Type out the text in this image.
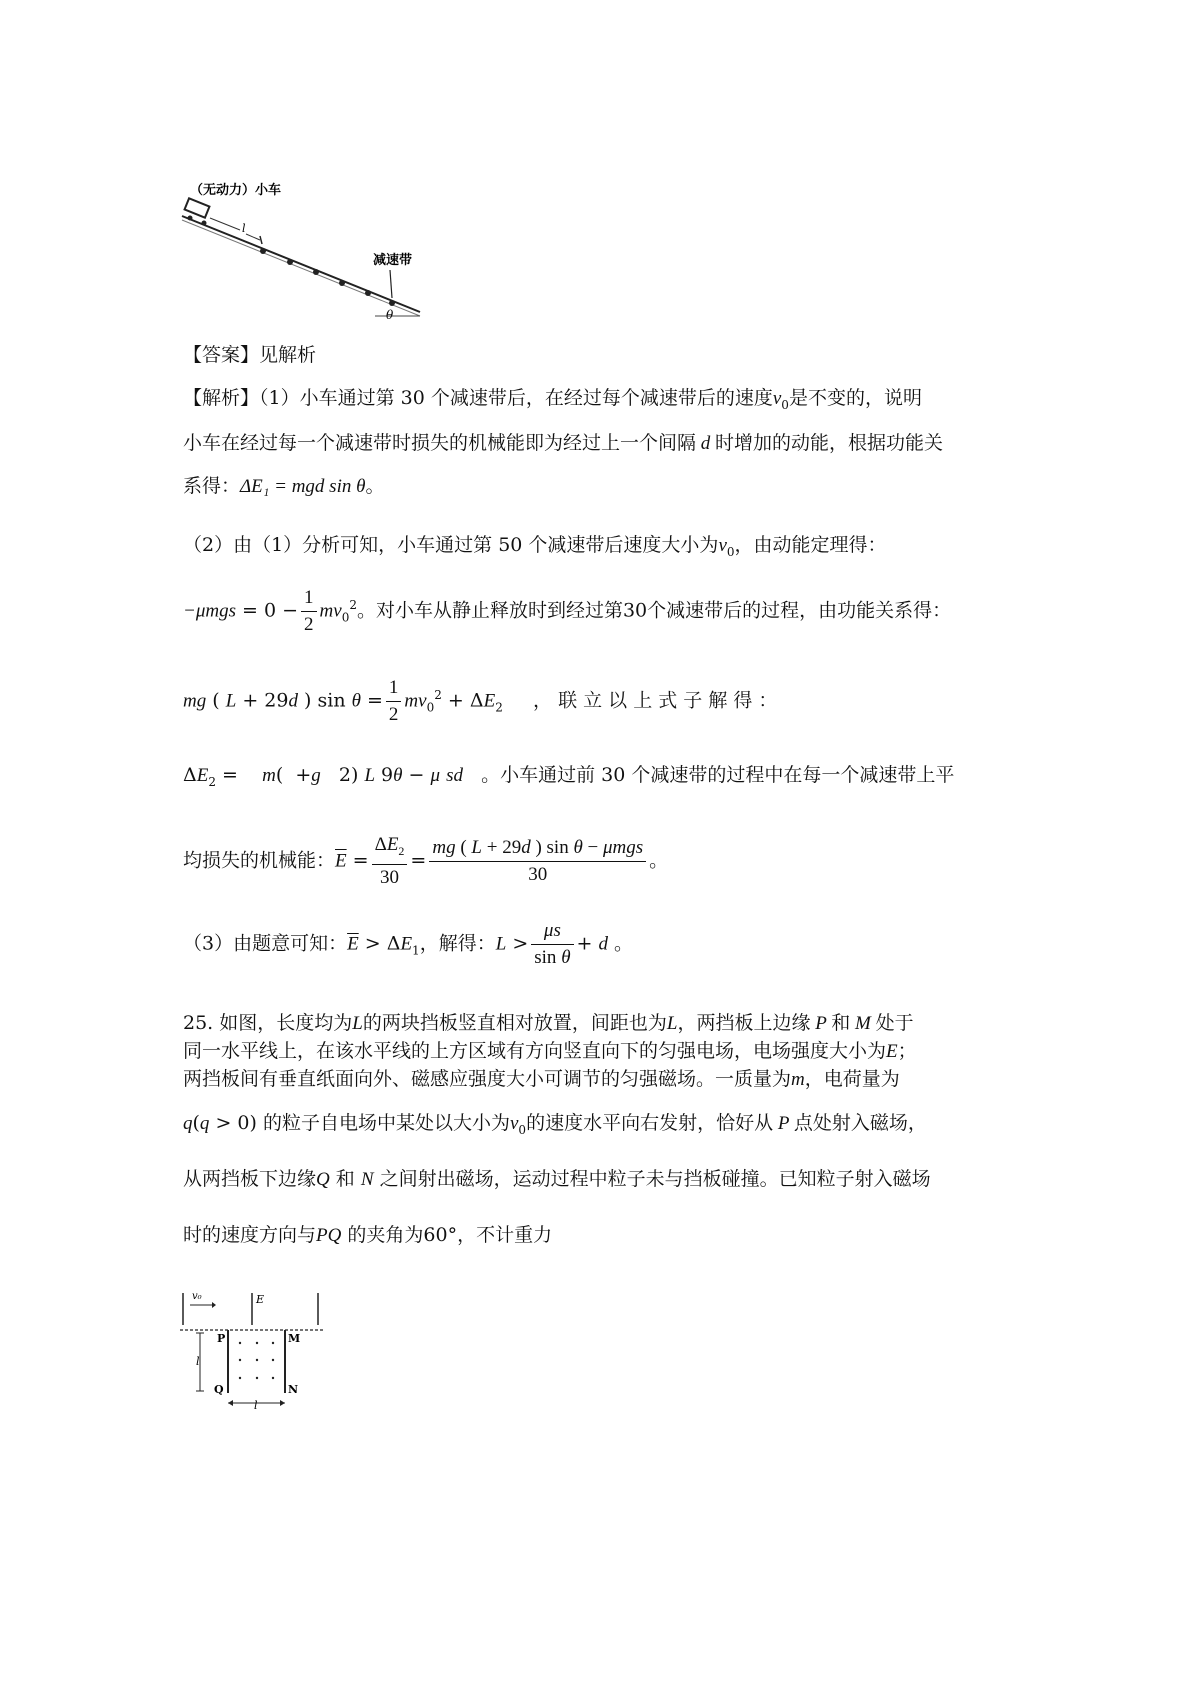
（无动力）小车
l
减速带
θ
【答案】见解析
【解析】（1）小车通过第 30 个减速带后，在经过每个减速带后的速度$v_0$是不变的，说明
小车在经过每一个减速带时损失的机械能即为经过上一个间隔 d 时增加的动能，根据功能关
系得：ΔE₁ = mgd sin θ。
（2）由（1）分析可知，小车通过第 50 个减速带后速度大小为$v_0$，由动能定理得：
$-\mu mgs = 0 - \frac{1}{2} mv_0^2$。对小车从静止释放时到经过第30个减速带后的过程，由功能关系得：
mg ( L + 29d ) $\sin \theta = \frac{1}{2} mv_0^2 + \Delta E_2$ ， 联 立 以 上 式 子 解 得 ：
$\Delta E_2$ =    m(  +g   2) L 9θ − μ sd 。小车通过前 30 个减速带的过程中在每一个减速带上平
均损失的机械能：$\overline{E} = \frac{\Delta E_2}{30} = \frac{\text{mg ( L + 29d ) sin θ − μmgs}}{30}$ 。
（3）由题意可知：$\overline{E} > \Delta E_1$，解得：$L > \frac{\mu s}{\text{sin θ}} + d$ 。
25. 如图，长度均为L的两块挡板竖直相对放置，间距也为L，两挡板上边缘 P 和 M 处于
同一水平线上，在该水平线的上方区域有方向竖直向下的匀强电场，电场强度大小为E；
两挡板间有垂直纸面向外、磁感应强度大小可调节的匀强磁场。一质量为m，电荷量为
q(q > 0) 的粒子自电场中某处以大小为$v_0$的速度水平向右发射，恰好从 P 点处射入磁场，
从两挡板下边缘Q 和 N 之间射出磁场，运动过程中粒子未与挡板碰撞。已知粒子射入磁场
时的速度方向与PQ 的夹角为60°，不计重力
v₀	E
P	M
Q	N
l
l
